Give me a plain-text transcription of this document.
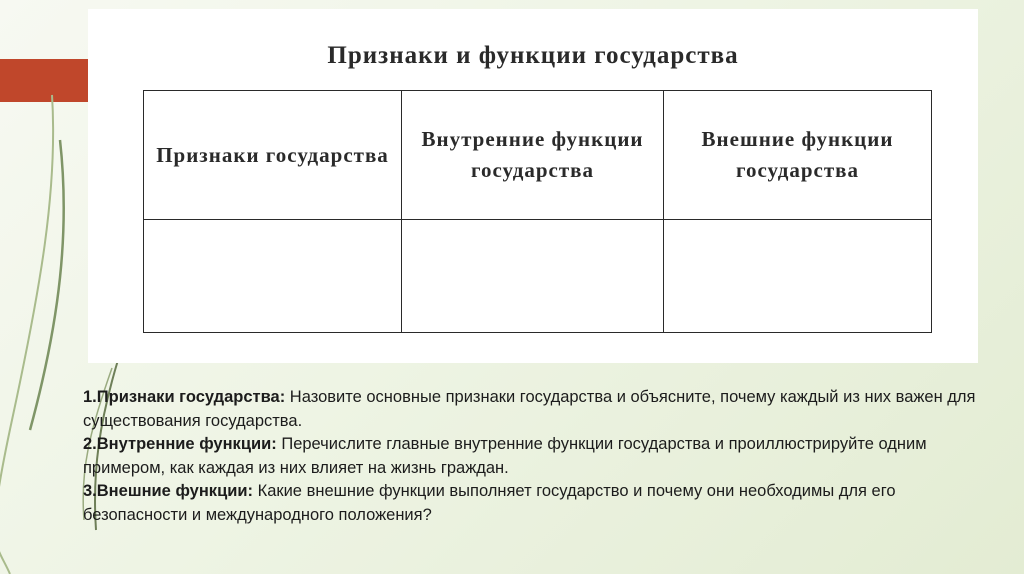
Признаки и функции государства
Признаки государства	Внутренние функции государства	Внешние функции государства

1.Признаки государства: Назовите основные признаки государства и объясните, почему каждый из них важен для существования государства.

2.Внутренние функции: Перечислите главные внутренние функции государства и проиллюстрируйте одним примером, как каждая из них влияет на жизнь граждан.

3.Внешние функции: Какие внешние функции выполняет государство и почему они необходимы для его безопасности и международного положения?
